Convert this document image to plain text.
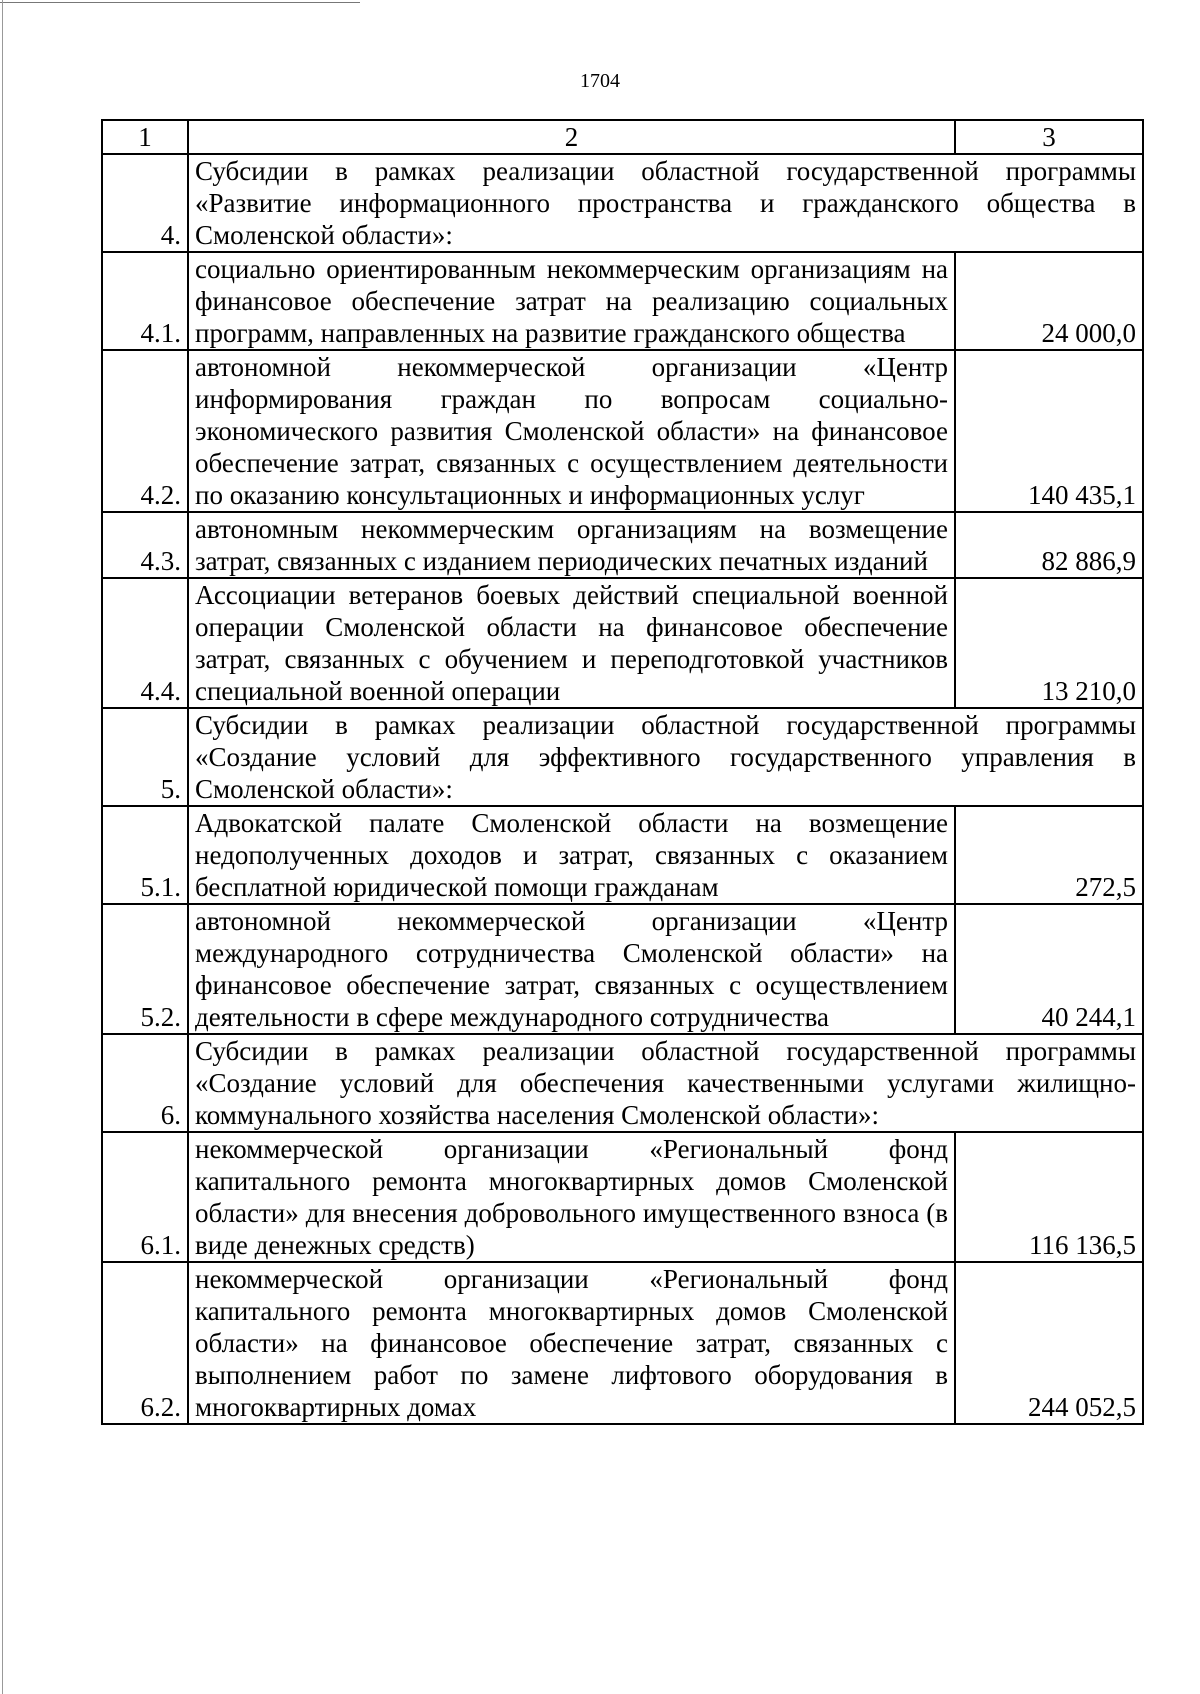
1704
1	2	3
4.	Субсидии в рамках реализации областной государственной программы «Развитие информационного пространства и гражданского общества в Смоленской области»:	
4.1.	социально ориентированным некоммерческим организациям на финансовое обеспечение затрат на реализацию социальных программ, направленных на развитие гражданского общества	24 000,0
4.2.	автономной некоммерческой организации «Центр информирования граждан по вопросам социально-экономического развития Смоленской области» на финансовое обеспечение затрат, связанных с осуществлением деятельности по оказанию консультационных и информационных услуг	140 435,1
4.3.	автономным некоммерческим организациям на возмещение затрат, связанных с изданием периодических печатных изданий	82 886,9
4.4.	Ассоциации ветеранов боевых действий специальной военной операции Смоленской области на финансовое обеспечение затрат, связанных с обучением и переподготовкой участников специальной военной операции	13 210,0
5.	Субсидии в рамках реализации областной государственной программы «Создание условий для эффективного государственного управления в Смоленской области»:	
5.1.	Адвокатской палате Смоленской области на возмещение недополученных доходов и затрат, связанных с оказанием бесплатной юридической помощи гражданам	272,5
5.2.	автономной некоммерческой организации «Центр международного сотрудничества Смоленской области» на финансовое обеспечение затрат, связанных с осуществлением деятельности в сфере международного сотрудничества	40 244,1
6.	Субсидии в рамках реализации областной государственной программы «Создание условий для обеспечения качественными услугами жилищно-коммунального хозяйства населения Смоленской области»:	
6.1.	некоммерческой организации «Региональный фонд капитального ремонта многоквартирных домов Смоленской области» для внесения добровольного имущественного взноса (в виде денежных средств)	116 136,5
6.2.	некоммерческой организации «Региональный фонд капитального ремонта многоквартирных домов Смоленской области» на финансовое обеспечение затрат, связанных с выполнением работ по замене лифтового оборудования в многоквартирных домах	244 052,5
